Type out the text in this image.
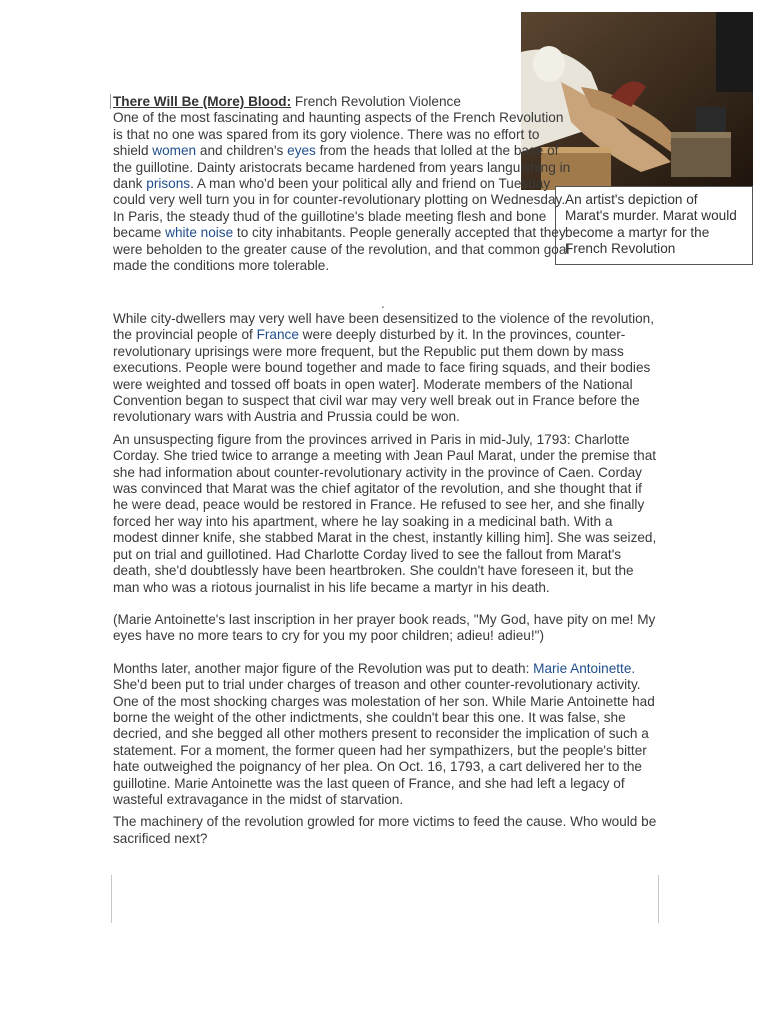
An artist's depiction of Marat's murder. Marat would become a martyr for the French Revolution
There Will Be (More) Blood: French Revolution Violence
One of the most fascinating and haunting aspects of the French Revolution is that no one was spared from its gory violence. There was no effort to shield women and children's eyes from the heads that lolled at the base of the guillotine. Dainty aristocrats became hardened from years languishing in dank prisons. A man who'd been your political ally and friend on Tuesday could very well turn you in for counter-revolutionary plotting on Wednesday. In Paris, the steady thud of the guillotine's blade meeting flesh and bone became white noise to city inhabitants. People generally accepted that they were beholden to the greater cause of the revolution, and that common goal made the conditions more tolerable.
.

While city-dwellers may very well have been desensitized to the violence of the revolution, the provincial people of France were deeply disturbed by it. In the provinces, counter-revolutionary uprisings were more frequent, but the Republic put them down by mass executions. People were bound together and made to face firing squads, and their bodies were weighted and tossed off boats in open water]. Moderate members of the National Convention began to suspect that civil war may very well break out in France before the revolutionary wars with Austria and Prussia could be won.

An unsuspecting figure from the provinces arrived in Paris in mid-July, 1793: Charlotte Corday. She tried twice to arrange a meeting with Jean Paul Marat, under the premise that she had information about counter-revolutionary activity in the province of Caen. Corday was convinced that Marat was the chief agitator of the revolution, and she thought that if he were dead, peace would be restored in France. He refused to see her, and she finally forced her way into his apartment, where he lay soaking in a medicinal bath. With a modest dinner knife, she stabbed Marat in the chest, instantly killing him]. She was seized, put on trial and guillotined. Had Charlotte Corday lived to see the fallout from Marat's death, she'd doubtlessly have been heartbroken. She couldn't have foreseen it, but the man who was a riotous journalist in his life became a martyr in his death.

(Marie Antoinette's last inscription in her prayer book reads, "My God, have pity on me! My eyes have no more tears to cry for you my poor children; adieu! adieu!")

Months later, another major figure of the Revolution was put to death: Marie Antoinette. She'd been put to trial under charges of treason and other counter-revolutionary activity. One of the most shocking charges was molestation of her son. While Marie Antoinette had borne the weight of the other indictments, she couldn't bear this one. It was false, she decried, and she begged all other mothers present to reconsider the implication of such a statement. For a moment, the former queen had her sympathizers, but the people's bitter hate outweighed the poignancy of her plea. On Oct. 16, 1793, a cart delivered her to the guillotine. Marie Antoinette was the last queen of France, and she had left a legacy of wasteful extravagance in the midst of starvation.

The machinery of the revolution growled for more victims to feed the cause. Who would be sacrificed next?
